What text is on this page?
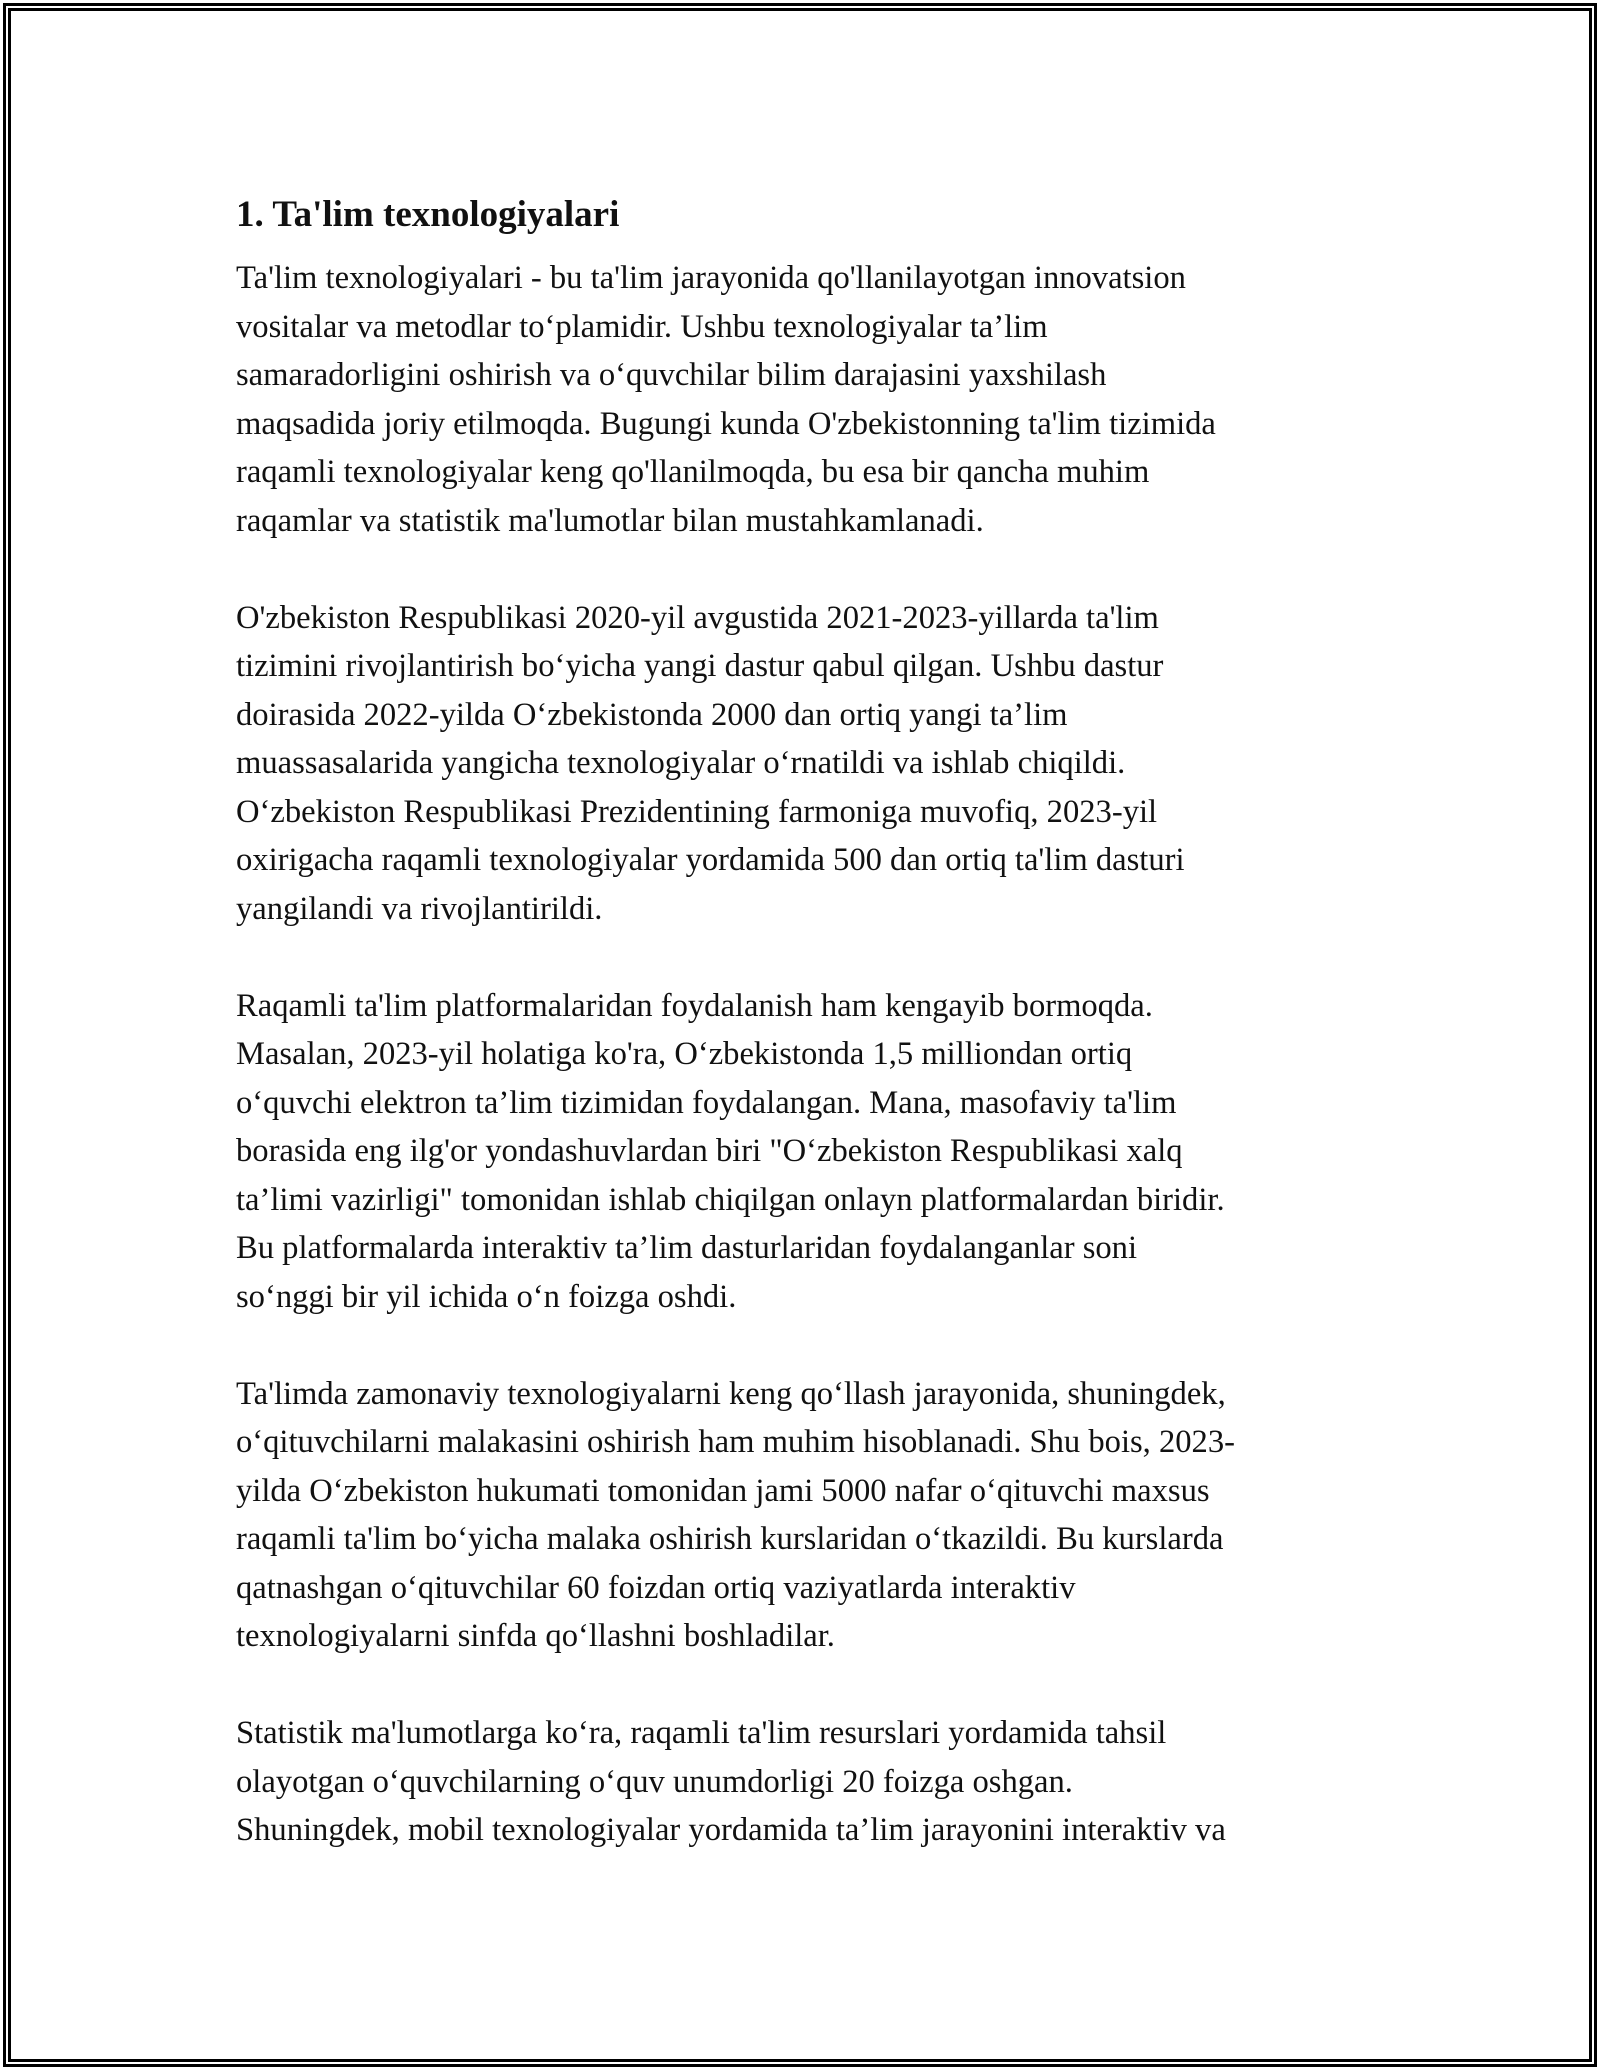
1. Ta'lim texnologiyalari

Ta'lim texnologiyalari - bu ta'lim jarayonida qo'llanilayotgan innovatsion
vositalar va metodlar to‘plamidir. Ushbu texnologiyalar ta’lim
samaradorligini oshirish va o‘quvchilar bilim darajasini yaxshilash
maqsadida joriy etilmoqda. Bugungi kunda O'zbekistonning ta'lim tizimida
raqamli texnologiyalar keng qo'llanilmoqda, bu esa bir qancha muhim
raqamlar va statistik ma'lumotlar bilan mustahkamlanadi.

O'zbekiston Respublikasi 2020-yil avgustida 2021-2023-yillarda ta'lim
tizimini rivojlantirish bo‘yicha yangi dastur qabul qilgan. Ushbu dastur
doirasida 2022-yilda O‘zbekistonda 2000 dan ortiq yangi ta’lim
muassasalarida yangicha texnologiyalar o‘rnatildi va ishlab chiqildi.
O‘zbekiston Respublikasi Prezidentining farmoniga muvofiq, 2023-yil
oxirigacha raqamli texnologiyalar yordamida 500 dan ortiq ta'lim dasturi
yangilandi va rivojlantirildi.

Raqamli ta'lim platformalaridan foydalanish ham kengayib bormoqda.
Masalan, 2023-yil holatiga ko'ra, O‘zbekistonda 1,5 milliondan ortiq
o‘quvchi elektron ta’lim tizimidan foydalangan. Mana, masofaviy ta'lim
borasida eng ilg'or yondashuvlardan biri "O‘zbekiston Respublikasi xalq
ta’limi vazirligi" tomonidan ishlab chiqilgan onlayn platformalardan biridir.
Bu platformalarda interaktiv ta’lim dasturlaridan foydalanganlar soni
so‘nggi bir yil ichida o‘n foizga oshdi.

Ta'limda zamonaviy texnologiyalarni keng qo‘llash jarayonida, shuningdek,
o‘qituvchilarni malakasini oshirish ham muhim hisoblanadi. Shu bois, 2023-
yilda O‘zbekiston hukumati tomonidan jami 5000 nafar o‘qituvchi maxsus
raqamli ta'lim bo‘yicha malaka oshirish kurslaridan o‘tkazildi. Bu kurslarda
qatnashgan o‘qituvchilar 60 foizdan ortiq vaziyatlarda interaktiv
texnologiyalarni sinfda qo‘llashni boshladilar.

Statistik ma'lumotlarga ko‘ra, raqamli ta'lim resurslari yordamida tahsil
olayotgan o‘quvchilarning o‘quv unumdorligi 20 foizga oshgan.
Shuningdek, mobil texnologiyalar yordamida ta’lim jarayonini interaktiv va
